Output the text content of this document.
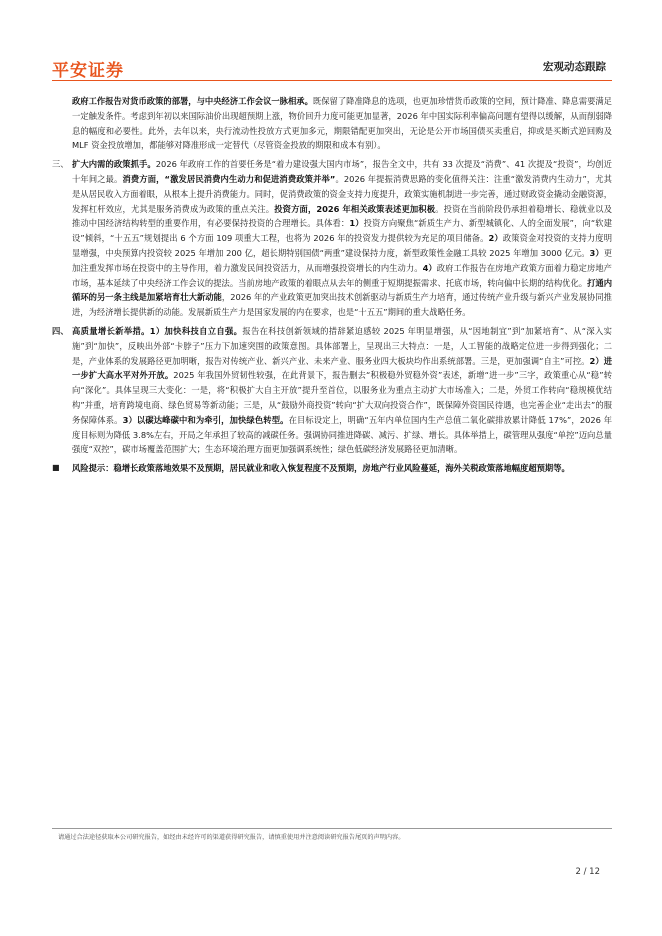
平安证券	宏观动态跟踪

政府工作报告对货币政策的部署，与中央经济工作会议一脉相承。既保留了降准降息的选项，也更加珍惜货币政策的空间，预计降准、降息需要满足一定触发条件。考虑到年初以来国际油价出现超预期上涨，物价回升力度可能更加显著，2026 年中国实际利率偏高问题有望得以缓解，从而削弱降息的幅度和必要性。此外，去年以来，央行流动性投放方式更加多元，期限错配更加突出，无论是公开市场国债买卖重启，抑或是买断式逆回购及 MLF 资金投放增加，都能够对降准形成一定替代（尽管资金投放的期限和成本有别）。

三、 扩大内需的政策抓手。2026 年政府工作的首要任务是“着力建设强大国内市场”，报告全文中，共有 33 次提及“消费”、41 次提及“投资”，均创近十年间之最。消费方面，“激发居民消费内生动力和促进消费政策并举”。2026 年提振消费思路的变化值得关注：注重“激发消费内生动力”，尤其是从居民收入方面着眼，从根本上提升消费能力。同时，促消费政策的资金支持力度提升，政策实施机制进一步完善，通过财政资金撬动金融资源，发挥杠杆效应，尤其是服务消费成为政策的重点关注。投资方面，2026 年相关政策表述更加积极。投资在当前阶段仍承担着稳增长、稳就业以及推动中国经济结构转型的重要作用，有必要保持投资的合理增长。具体看：1）投资方向聚焦“新质生产力、新型城镇化、人的全面发展”，向“软建设”倾斜，“十五五”规划提出 6 个方面 109 项重大工程，也将为 2026 年的投资发力提供较为充足的项目储备。2）政策资金对投资的支持力度明显增强，中央预算内投资较 2025 年增加 200 亿，超长期特别国债“两重”建设保持力度，新型政策性金融工具较 2025 年增加 3000 亿元。3）更加注重发挥市场在投资中的主导作用，着力激发民间投资活力，从而增强投资增长的内生动力。4）政府工作报告在房地产政策方面着力稳定房地产市场，基本延续了中央经济工作会议的提法。当前房地产政策的着眼点从去年的侧重于短期提振需求、托底市场，转向偏中长期的结构优化。打通内循环的另一条主线是加紧培育壮大新动能，2026 年的产业政策更加突出技术创新驱动与新质生产力培育，通过传统产业升级与新兴产业发展协同推进，为经济增长提供新的动能。发展新质生产力是国家发展的内在要求，也是“十五五”期间的重大战略任务。
四、 高质量增长新举措。1）加快科技自立自强。报告在科技创新领域的措辞紧迫感较 2025 年明显增强，从“因地制宜”到“加紧培育”、从“深入实施”到“加快”，反映出外部“卡脖子”压力下加速突围的政策意图。具体部署上，呈现出三大特点：一是，人工智能的战略定位进一步得到强化；二是，产业体系的发展路径更加明晰，报告对传统产业、新兴产业、未来产业、服务业四大板块均作出系统部署。三是，更加强调“自主”可控。2）进一步扩大高水平对外开放。2025 年我国外贸韧性较强，在此背景下，报告删去“积极稳外贸稳外资”表述，新增“进一步”三字，政策重心从“稳”转向“深化”。具体呈现三大变化：一是，将“积极扩大自主开放”提升至首位，以服务业为重点主动扩大市场准入；二是，外贸工作转向“稳规模优结构”并重，培育跨境电商、绿色贸易等新动能；三是，从“鼓励外商投资”转向“扩大双向投资合作”，既保障外资国民待遇，也完善企业“走出去”的服务保障体系。3）以碳达峰碳中和为牵引，加快绿色转型。在目标设定上，明确“五年内单位国内生产总值二氧化碳排放累计降低 17%”，2026 年度目标则为降低 3.8%左右，开局之年承担了较高的减碳任务。强调协同推进降碳、减污、扩绿、增长。具体举措上，碳管理从强度“单控”迈向总量强度“双控”，碳市场覆盖范围扩大；生态环境治理方面更加强调系统性；绿色低碳经济发展路径更加清晰。
■ 风险提示：稳增长政策落地效果不及预期，居民就业和收入恢复程度不及预期，房地产行业风险蔓延，海外关税政策落地幅度超预期等。
请通过合法途径获取本公司研究报告，如经由未经许可的渠道获得研究报告，请慎重使用并注意阅读研究报告尾页的声明内容。
2 / 12
